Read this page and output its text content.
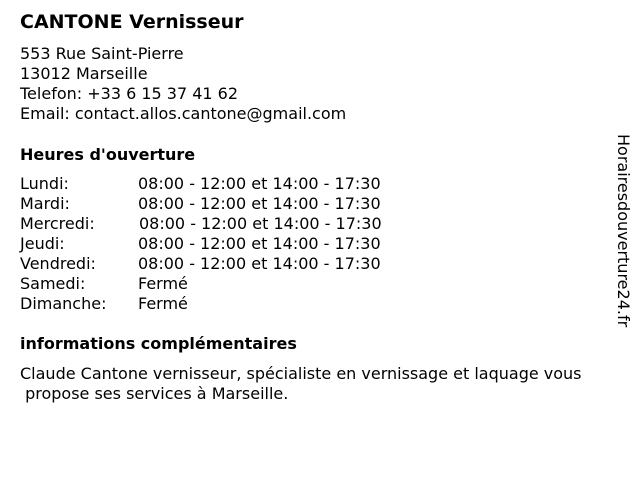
CANTONE Vernisseur
553 Rue Saint-Pierre
13012 Marseille
Telefon: +33 6 15 37 41 62
Email: contact.allos.cantone@gmail.com
Heures d'ouverture
Lundi:	08:00 - 12:00 et 14:00 - 17:30
Mardi:	08:00 - 12:00 et 14:00 - 17:30
Mercredi:	08:00 - 12:00 et 14:00 - 17:30
Jeudi:	08:00 - 12:00 et 14:00 - 17:30
Vendredi:	08:00 - 12:00 et 14:00 - 17:30
Samedi:	Fermé
Dimanche: Fermé
informations complémentaires
Claude Cantone vernisseur, spécialiste en vernissage et laquage vous
propose ses services à Marseille.
Horairesdouverture24.fr
